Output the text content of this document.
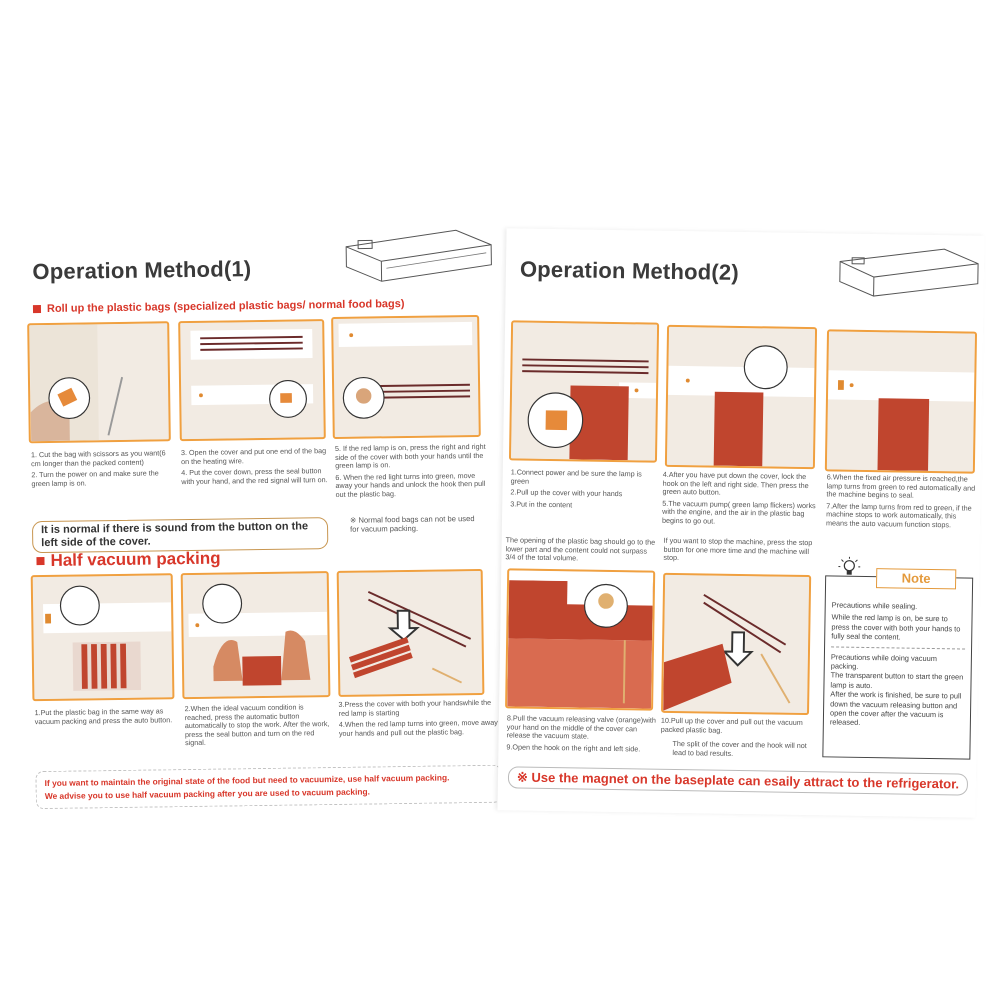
Operation Method(1)
Roll up the plastic bags (specialized plastic bags/ normal food bags)

1. Cut the bag with scissors as you want(6 cm longer than the packed content)

2. Turn the power on and make sure the green lamp is on.

3. Open the cover and put one end of the bag on the heating wire.

4. Put the cover down, press the seal button with your hand, and the red signal will turn on.

5. If the red lamp is on, press the right and right side of the cover with both your hands until the green lamp is on.

6. When the red light turns into green, move away your hands and unlock the hook then pull out the plastic bag.

It is normal if there is sound from the button on the left side of the cover.
※ Normal food bags can not be used for vacuum packing.
Half vacuum packing

1.Put the plastic bag in the same way as vacuum packing and press the auto button.

2.When the ideal vacuum condition is reached, press the automatic button automatically to stop the work. After the work, press the seal button and turn on the red signal.

3.Press the cover with both your handswhile the red lamp is starting

4.When the red lamp turns into green, move away your hands and pull out the plastic bag.

If you want to maintain the original state of the food but need to vacuumize, use half vacuum packing.
We advise you to use half vacuum packing after you are used to vacuum packing.
Operation Method(2)

1.Connect power and be sure the lamp is green

2.Pull up the cover with your hands

3.Put in the content

4.After you have put down the cover, lock the hook on the left and right side. Then press the green auto button.

5.The vacuum pump( green lamp flickers) works with the engine, and the air in the plastic bag begins to go out.

6.When the fixed air pressure is reached,the lamp turns from green to red automatically and the machine begins to seal.

7.After the lamp turns from red to green, if the machine stops to work automatically, this means the auto vacuum function stops.

The opening of the plastic bag should go to the lower part and the content could not surpass 3/4 of the total volume.
If you want to stop the machine, press the stop button for one more time and the machine will stop.

8.Pull the vacuum releasing valve (orange)with your hand on the middle of the cover can release the vacuum state.

9.Open the hook on the right and left side.

10.Pull up the cover and pull out the vacuum packed plastic bag.

The split of the cover and the hook will not lead to bad results.

Note
Precautions while sealing.
While the red lamp is on, be sure to press the cover with both your hands to fully seal the content.
Precautions while doing vacuum packing.
The transparent button to start the green lamp is auto.
After the work is finished, be sure to pull down the vacuum releasing button and open the cover after the vacuum is released.
※ Use the magnet on the baseplate can esaily attract to the refrigerator.
